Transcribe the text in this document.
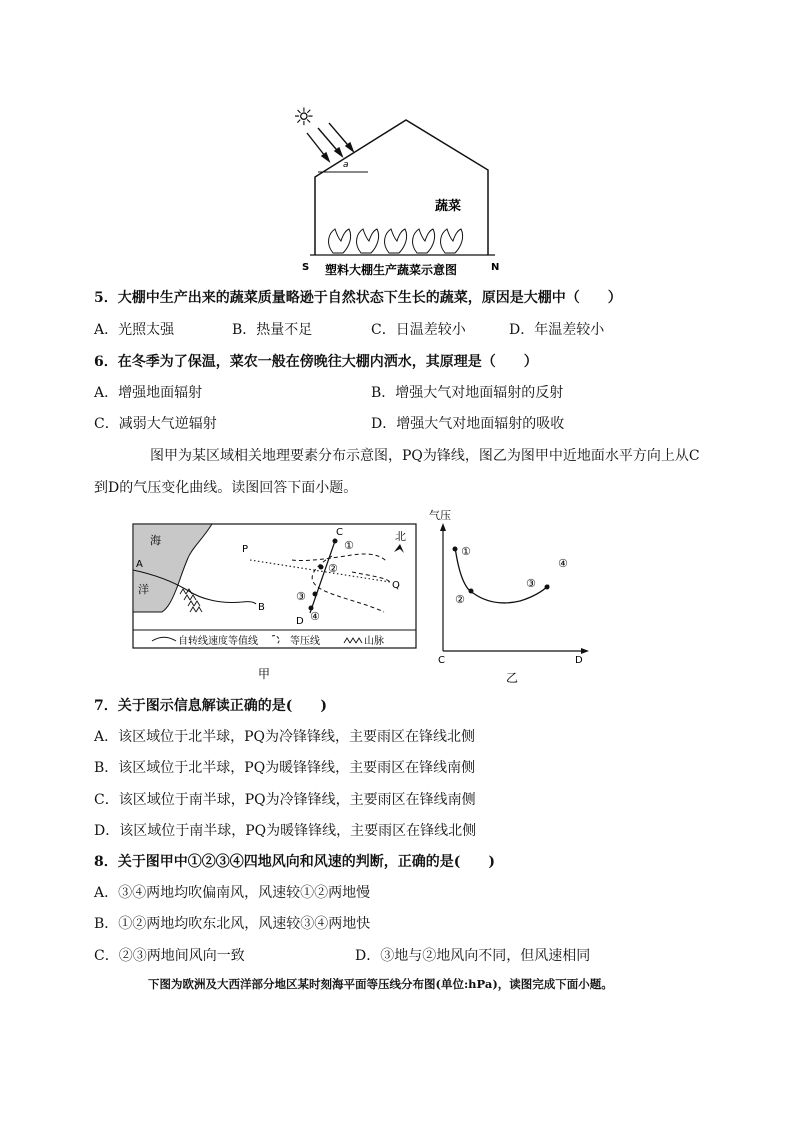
☼
a
蔬菜
S	N
塑料大棚生产蔬菜示意图
5．大棚中生产出来的蔬菜质量略逊于自然状态下生长的蔬菜，原因是大棚中（　　）
A．光照太强	B．热量不足	C．日温差较小	D．年温差较小
6．在冬季为了保温，菜农一般在傍晚往大棚内洒水，其原理是（　　）
A．增强地面辐射	B．增强大气对地面辐射的反射
C．减弱大气逆辐射	D．增强大气对地面辐射的吸收
图甲为某区域相关地理要素分布示意图，PQ为锋线，图乙为图甲中近地面水平方向上从C
到D的气压变化曲线。读图回答下面小题。
海
洋
A
B
P
Q
C
D
①
②
③
④
北
自转线速度等值线	等压线	山脉
甲
气压
C	D
①
②
③
④
乙
7．关于图示信息解读正确的是(　　)
A．该区域位于北半球，PQ为冷锋锋线，主要雨区在锋线北侧
B．该区域位于北半球，PQ为暖锋锋线，主要雨区在锋线南侧
C．该区域位于南半球，PQ为冷锋锋线，主要雨区在锋线南侧
D．该区域位于南半球，PQ为暖锋锋线，主要雨区在锋线北侧
8．关于图甲中①②③④四地风向和风速的判断，正确的是(　　)
A．③④两地均吹偏南风，风速较①②两地慢
B．①②两地均吹东北风，风速较③④两地快
C．②③两地间风向一致	D．③地与②地风向不同，但风速相同
下图为欧洲及大西洋部分地区某时刻海平面等压线分布图(单位:hPa)，读图完成下面小题。
